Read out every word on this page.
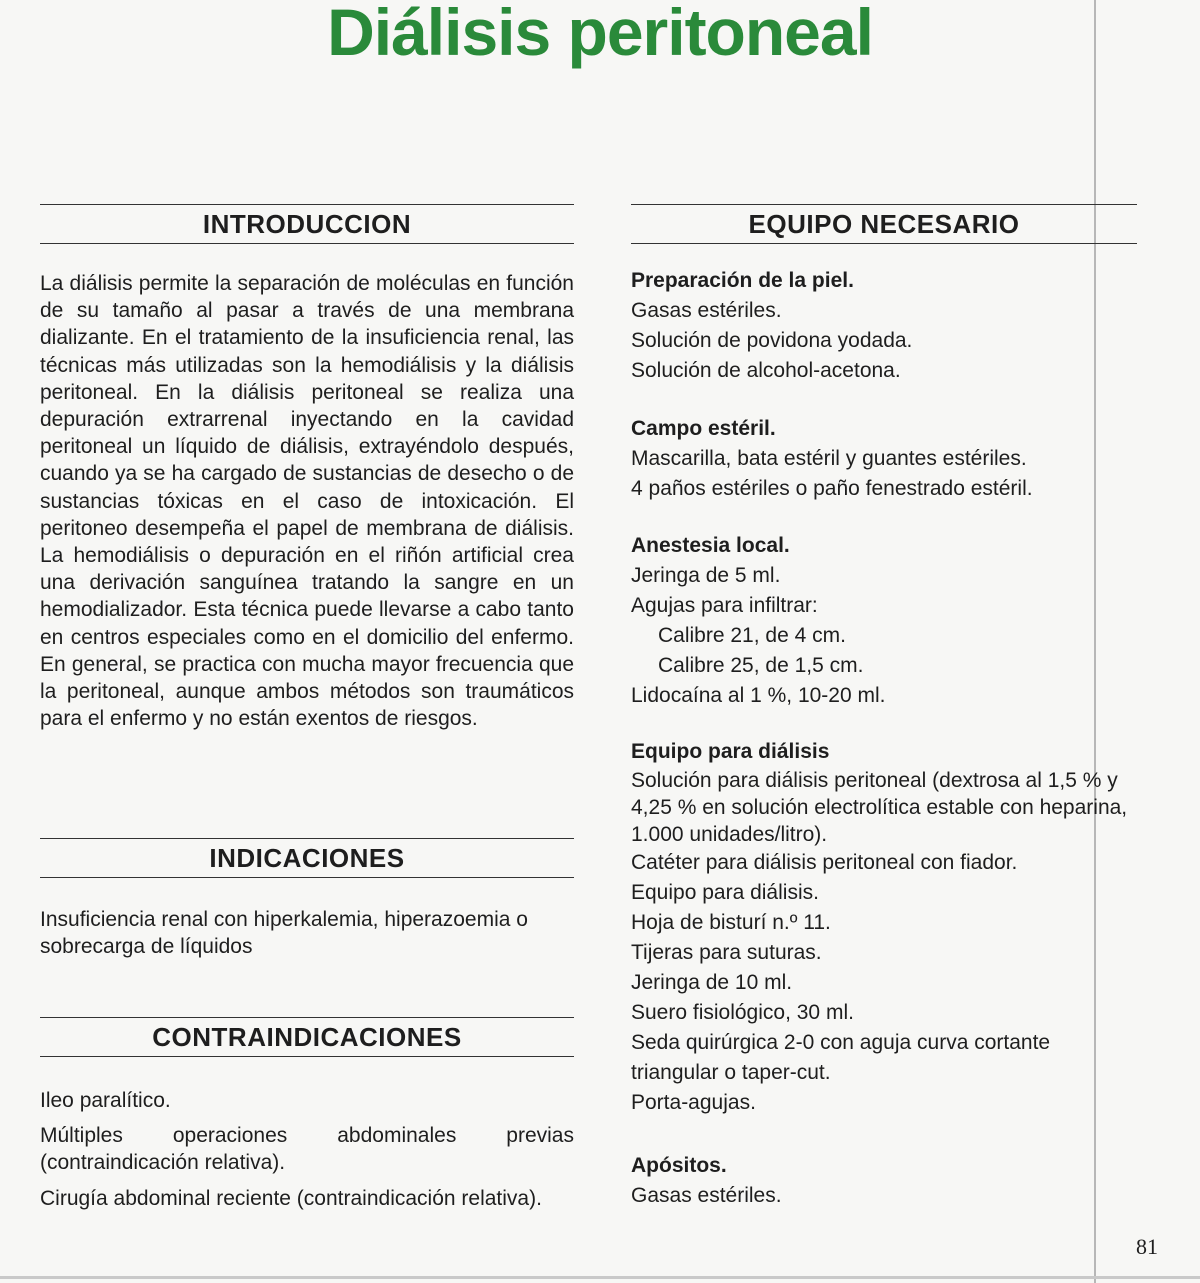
Diálisis peritoneal
INTRODUCCION
La diálisis permite la separación de moléculas en función de su tamaño al pasar a través de una membrana dializante. En el tratamiento de la insuficiencia renal, las técnicas más utilizadas son la hemodiálisis y la diálisis peritoneal. En la diálisis peritoneal se realiza una depuración extrarrenal inyectando en la cavidad peritoneal un líquido de diálisis, extrayéndolo después, cuando ya se ha cargado de sustancias de desecho o de sustancias tóxicas en el caso de intoxicación. El peritoneo desempeña el papel de membrana de diálisis. La hemodiálisis o depuración en el riñón artificial crea una derivación sanguínea tratando la sangre en un hemodializador. Esta técnica puede llevarse a cabo tanto en centros especiales como en el domicilio del enfermo. En general, se practica con mucha mayor frecuencia que la peritoneal, aunque ambos métodos son traumáticos para el enfermo y no están exentos de riesgos.
INDICACIONES
Insuficiencia renal con hiperkalemia, hiperazoemia o sobrecarga de líquidos
CONTRAINDICACIONES
Ileo paralítico.
Múltiples operaciones abdominales previas (contraindicación relativa).
Cirugía abdominal reciente (contraindicación relativa).
EQUIPO NECESARIO
Preparación de la piel.
Gasas estériles.
Solución de povidona yodada.
Solución de alcohol-acetona.
Campo estéril.
Mascarilla, bata estéril y guantes estériles.
4 paños estériles o paño fenestrado estéril.
Anestesia local.
Jeringa de 5 ml.
Agujas para infiltrar:
Calibre 21, de 4 cm.
Calibre 25, de 1,5 cm.
Lidocaína al 1 %, 10-20 ml.
Equipo para diálisis
Solución para diálisis peritoneal (dextrosa al 1,5 % y 4,25 % en solución electrolítica estable con heparina, 1.000 unidades/litro).
Catéter para diálisis peritoneal con fiador.
Equipo para diálisis.
Hoja de bisturí n.º 11.
Tijeras para suturas.
Jeringa de 10 ml.
Suero fisiológico, 30 ml.
Seda quirúrgica 2-0 con aguja curva cortante triangular o taper-cut.
Porta-agujas.
Apósitos.
Gasas estériles.
81
